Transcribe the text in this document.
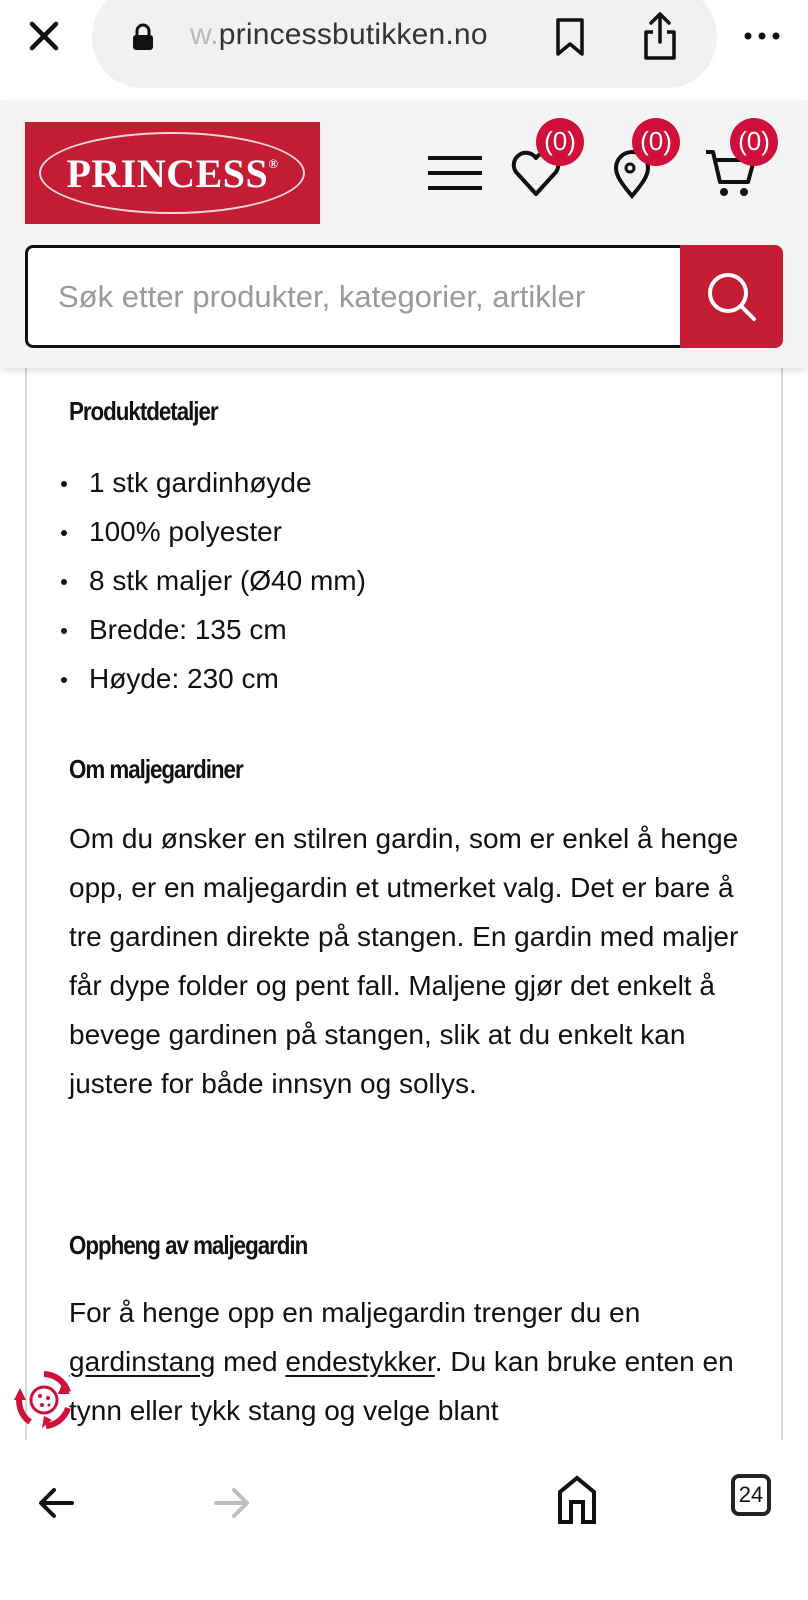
w.princessbutikken.no
PRINCESS®
(0)	(0)	(0)
Søk etter produkter, kategorier, artikler
Produktdetaljer
1 stk gardinhøyde
100% polyester
8 stk maljer (Ø40 mm)
Bredde: 135 cm
Høyde: 230 cm
Om maljegardiner

Om du ønsker en stilren gardin, som er enkel å henge opp, er en maljegardin et utmerket valg. Det er bare å tre gardinen direkte på stangen. En gardin med maljer får dype folder og pent fall. Maljene gjør det enkelt å bevege gardinen på stangen, slik at du enkelt kan justere for både innsyn og sollys.

Oppheng av maljegardin

For å henge opp en maljegardin trenger du en gardinstang med endestykker. Du kan bruke enten en tynn eller tykk stang og velge blant

24
